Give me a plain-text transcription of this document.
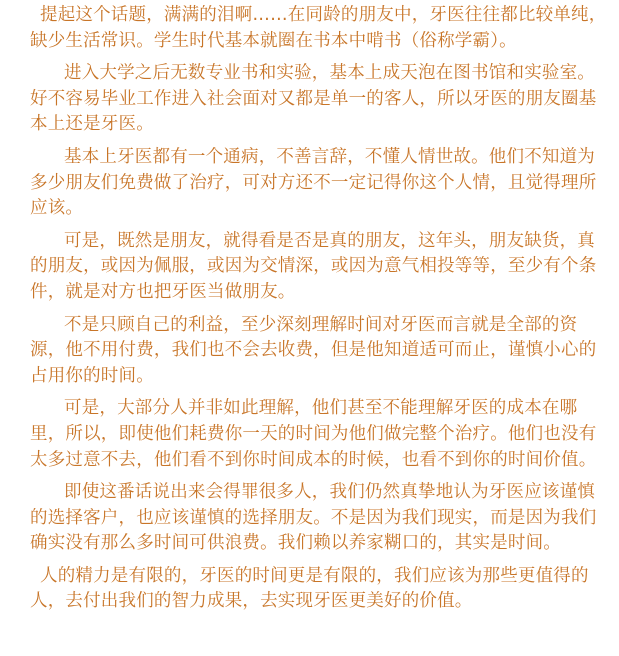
提起这个话题，满满的泪啊……在同龄的朋友中，牙医往往都比较单纯，缺少生活常识。学生时代基本就圈在书本中啃书（俗称学霸）。

进入大学之后无数专业书和实验，基本上成天泡在图书馆和实验室。好不容易毕业工作进入社会面对又都是单一的客人，所以牙医的朋友圈基本上还是牙医。

基本上牙医都有一个通病，不善言辞，不懂人情世故。他们不知道为多少朋友们免费做了治疗，可对方还不一定记得你这个人情，且觉得理所应该。

可是，既然是朋友，就得看是否是真的朋友，这年头，朋友缺货，真的朋友，或因为佩服，或因为交情深，或因为意气相投等等，至少有个条件，就是对方也把牙医当做朋友。

不是只顾自己的利益，至少深刻理解时间对牙医而言就是全部的资源，他不用付费，我们也不会去收费，但是他知道适可而止，谨慎小心的占用你的时间。

可是，大部分人并非如此理解，他们甚至不能理解牙医的成本在哪里，所以，即使他们耗费你一天的时间为他们做完整个治疗。他们也没有太多过意不去，他们看不到你时间成本的时候，也看不到你的时间价值。

即使这番话说出来会得罪很多人，我们仍然真挚地认为牙医应该谨慎的选择客户，也应该谨慎的选择朋友。不是因为我们现实，而是因为我们确实没有那么多时间可供浪费。我们赖以养家糊口的，其实是时间。

人的精力是有限的，牙医的时间更是有限的，我们应该为那些更值得的人，去付出我们的智力成果，去实现牙医更美好的价值。
